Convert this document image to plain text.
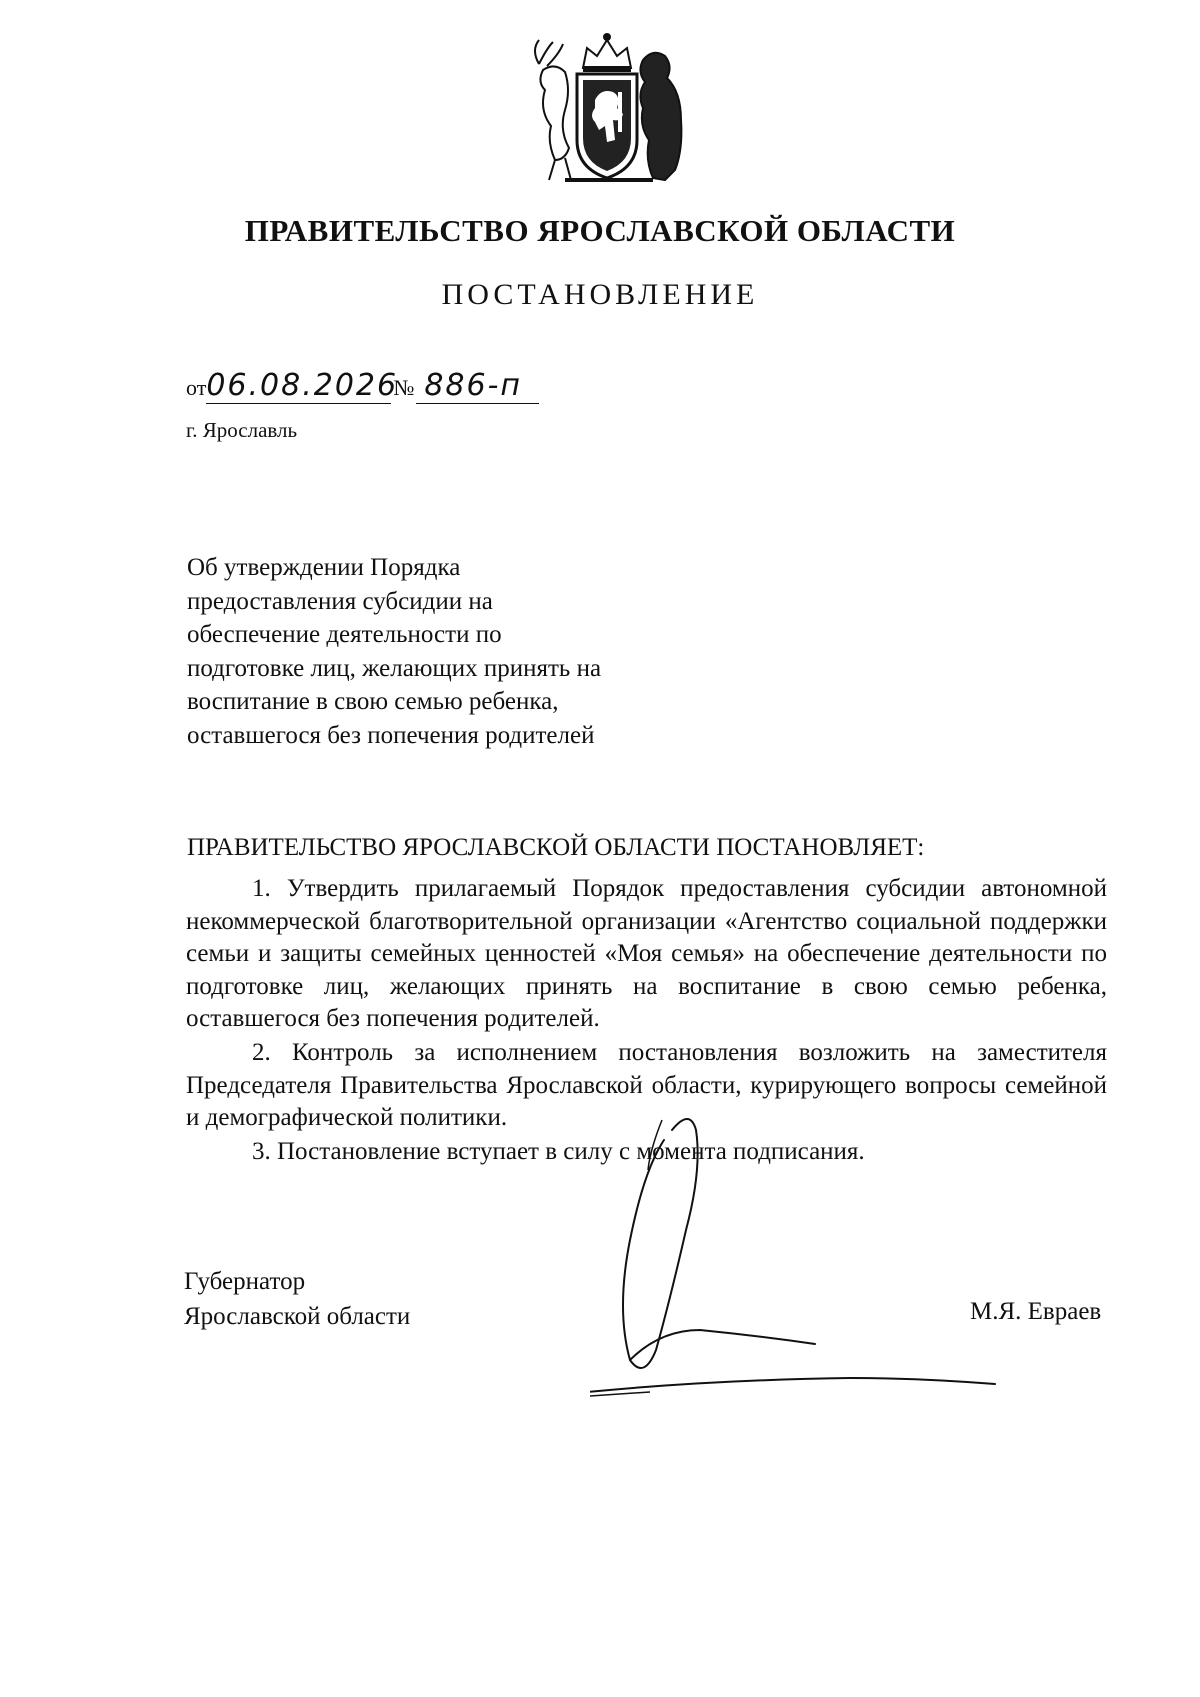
ПРАВИТЕЛЬСТВО ЯРОСЛАВСКОЙ ОБЛАСТИ
ПОСТАНОВЛЕНИЕ
от06.08.2026№ 886-п
г. Ярославль
Об утверждении Порядка предоставления субсидии на обеспечение деятельности по подготовке лиц, желающих принять на воспитание в свою семью ребенка, оставшегося без попечения родителей
ПРАВИТЕЛЬСТВО ЯРОСЛАВСКОЙ ОБЛАСТИ ПОСТАНОВЛЯЕТ:
1. Утвердить прилагаемый Порядок предоставления субсидии автономной некоммерческой благотворительной организации «Агентство социальной поддержки семьи и защиты семейных ценностей «Моя семья» на обеспечение деятельности по подготовке лиц, желающих принять на воспитание в свою семью ребенка, оставшегося без попечения родителей.
2. Контроль за исполнением постановления возложить на заместителя Председателя Правительства Ярославской области, курирующего вопросы семейной и демографической политики.
3. Постановление вступает в силу с момента подписания.
Губернатор
Ярославской области	М.Я. Евраев
